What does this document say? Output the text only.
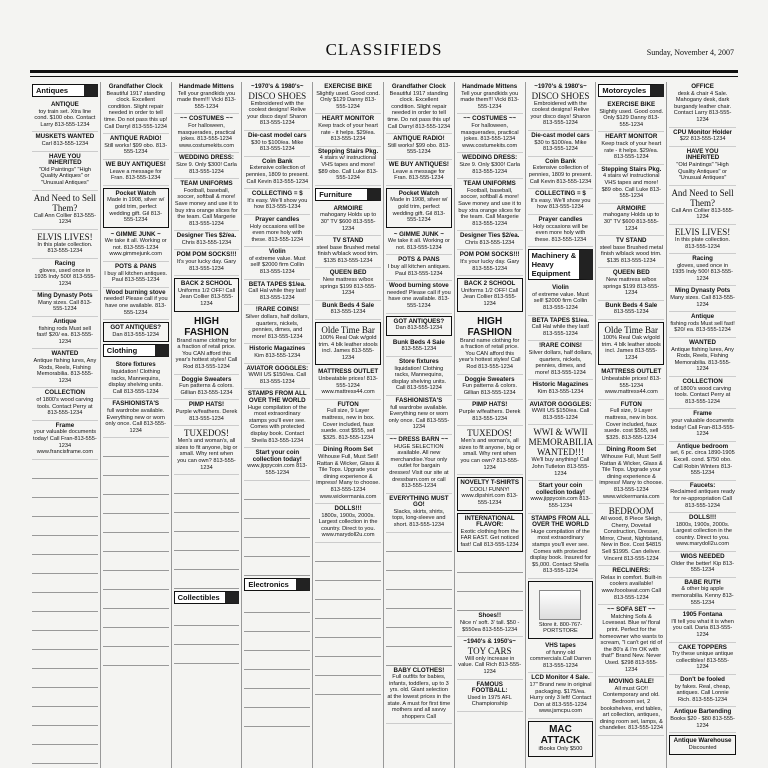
CLASSIFIEDS	Sunday, November 4, 2007
Antiques
ANTIQUE
toy train set. Xtra line cond. $100 obo. Contact Larry 813-555-1234
MUSKETS WANTED
Carl 813-555-1234
HAVE YOU INHERITED
"Old Paintings" "High Quality Antiques" or "Unusual Antiques"
And Need to Sell Them?
Call Ann Collier 813-555-1234
ELVIS LIVES!
In this plate collection. 813-555-1234
Racing
gloves, used once in 1935 Indy 500! 813-555-1234
Ming Dynasty Pots
Many sizes. Call 813-555-1234
Antique
fishing rods Must sell fast! $20/ ea. 813-555-1234
WANTED
Antique fishing lures, Any Rods, Reels, Fishing Memorabilia. 813-555-1234
COLLECTION
of 1800's wood carving tools. Contact Perry at 813-555-1234
Frame
your valuable documents today! Call Fran-813-555-1234 www.francisframe.com
Grandfather Clock
Beautiful 1917 standing clock. Excellent condition. Slight repair needed in order to tell time. Do not pass this up! Call Darryl 813-555-1234
ANTIQUE RADIO!
Still works! $99 obo. 813-555-1234
WE BUY ANTIQUES!
Leave a message for Fran. 813-555-1234
Pocket Watch
Made in 1908, silver w/ gold trim, perfect wedding gift. Gil 813-555-1234
~ GIMME JUNK ~
We take it all. Working or not. 813-555-1234 www.gimmejunk.com
POTS & PANS
I buy all kitchen antiques. Paul 813-555-1234
Wood burning stove
needed! Please call if you have one available. 813-555-1234
GOT ANTIQUES?
Dan 813-555-1234
Clothing
Store fixtures
liquidation! Clothing racks, Mannequins, display shelving units. Call 813-555-1234
FASHIONISTA'S
full wardrobe available. Everything new or worn only once. Call 813-555-1234
Handmade Mittens
Tell your grandkids you made them!!! Vicki 813-555-1234
~~ COSTUMES ~~
For halloween, masquerades, practical jokes. 813-555-1234 www.costumekits.com
WEDDING DRESS:
Size 9. Only $300! Carla 813-555-1234
TEAM UNIFORMS
Football, baseball, soccer, softball & more! Save money and use it to buy xtra orange slices for the team. Call Margerie 813-555-1234
Designer Ties $2/ea.
Chris 813-555-1234
POM POM SOCKS!!!
It's your lucky day. Gary 813-555-1234
BACK 2 SCHOOL
Uniforms 1/2 OFF! Call Jean Collier 813-555-1234
HIGH FASHION
Brand name clothing for a fraction of retail price. You CAN afford this year's hottest styles! Call Rod 813-555-1234
Doggie Sweaters
Fun patterns & colors. Gillian 813-555-1234
PIMP HATS!
Purple w/feathers. Derek 813-555-1234
TUXEDOS!
Men's and woman's, all sizes to fit anyone, big or small. Why rent when you can own? 813-555-1234
Collectibles
~1970's & 1980's~
DISCO SHOES
Embroidered with the coolest designs! Relive your disco days! Sharon 813-555-1234
Die-cast model cars
$30 to $100/ea. Mike 813-555-1234
Coin Bank
Extensive collection of pennies, 1809 to present. Call Kevin 813-555-1234
COLLECTING = $
It's easy. We'll show you how 813-555-1234
Prayer candles
Holy occasions will be even more holy with these. 813-555-1234
Violin
of extreme value. Must sell! $2000 firm Collin 813-555-1234
BETA TAPES $1/ea.
Call Hal while they last! 813-555-1234
!RARE COINS!
Silver dollars, half dollars, quarters, nickels, pennies, dimes, and more! 813-555-1234
Historic Magazines
Kim 813-555-1234
AVIATOR GOGGLES:
WWII US $150/ea. Call 813-555-1234
STAMPS FROM ALL OVER THE WORLD
Huge compilation of the most extraordinary stamps you'll ever see. Comes with protected display book. Contact Sheila 813-555-1234
Start your coin collection today!
www.jippycoin.com 813-555-1234
Electronics
EXERCISE BIKE
Slightly used. Good cond. Only $129 Danny 813-555-1234
HEART MONITOR
Keep track of your heart rate - it helps. $29/ea. 813-555-1234
Stepping Stairs Pkg.
4 stairs w/ instructional VHS tapes and more! $89 obo. Call Luke 813-555-1234
Furniture
ARMOIRE
mahogany Holds up to 30" TV $600 813-555-1234
TV STAND
steel base Brushed metal finish w/black wood trim. $135 813-555-1234
QUEEN BED
New mattress w/box springs $199 813-555-1234
Bunk Beds 4 Sale
813-555-1234
Olde Time Bar
100% Real Oak w/gold trim. 4 blk leather stools incl. James 813-555-1234
MATTRESS OUTLET
Unbeatable prices! 813-555-1234 www.mattress44.com
FUTON
Full size, 9 Layer mattress, new in box. Cover included, faux suede. cost $555, sell $325. 813-555-1234
Dining Room Set
Wihouse Full, Must Sell! Rattan & Wicker, Glass & Tile Tops. Upgrade your dining experience & impress! Many to choose. 813-555-1234 www.wickermania.com
DOLLS!!!
1800s, 1900s, 2000s. Largest collection in the country. Direct to you. www.marydoll2u.com
Grandfather Clock
Beautiful 1917 standing clock. Excellent condition. Slight repair needed in order to tell time. Do not pass this up! Call Darryl 813-555-1234
ANTIQUE RADIO!
Still works! $99 obo. 813-555-1234
WE BUY ANTIQUES!
Leave a message for Fran. 813-555-1234
Pocket Watch
Made in 1908, silver w/ gold trim, perfect wedding gift. Gil 813-555-1234
~ GIMME JUNK ~
We take it all. Working or not. 813-555-1234
POTS & PANS
I buy all kitchen antiques. Paul 813-555-1234
Wood burning stove
needed! Please call if you have one available. 813-555-1234
GOT ANTIQUES?
Dan 813-555-1234
Bunk Beds 4 Sale
813-555-1234
Store fixtures
liquidation! Clothing racks, Mannequins, display shelving units. Call 813-555-1234
FASHIONISTA'S
full wardrobe available. Everything new or worn only once. Call 813-555-1234
~~ DRESS BARN ~~
HUGE SELECTION available. All new merchandise.Your only outlet for bargain dresses! Visit our site at dressbarn.com or call 813-555-1234
EVERYTHING MUST GO!
Slacks, skirts, shirts, tops, long-sleeve and short. 813-555-1234
BABY CLOTHES!
Full outfits for babies, infants, toddlers, up to 3 yrs. old. Giant selection at the lowest prices in the state. A must for first time mothers and all savvy shoppers Call
Handmade Mittens
Tell your grandkids you made them!!! Vicki 813-555-1234
~~ COSTUMES ~~
For halloween, masquerades, practical jokes. 813-555-1234 www.costumekits.com
WEDDING DRESS:
Size 9. Only $300! Carla 813-555-1234
TEAM UNIFORMS
Football, baseball, soccer, softball & more! Save money and use it to buy xtra orange slices for the team. Call Margerie 813-555-1234
Designer Ties $2/ea.
Chris 813-555-1234
POM POM SOCKS!!!
It's your lucky day. Gary 813-555-1234
BACK 2 SCHOOL
Uniforms 1/2 OFF! Call Jean Collier 813-555-1234
HIGH FASHION
Brand name clothing for a fraction of retail price. You CAN afford this year's hottest styles! Call Rod 813-555-1234
Doggie Sweaters
Fun patterns & colors. Gillian 813-555-1234
PIMP HATS!
Purple w/feathers. Derek 813-555-1234
TUXEDOS!
Men's and woman's, all sizes to fit anyone, big or small. Why rent when you can own? 813-555-1234
NOVELTY T-SHIRTS
COOL! FUNNY! www.dipshirt.com 813-555-1234
INTERNATIONAL FLAVOR:
Exotic clothing from the FAR EAST. Get noticed fast! Call 813-555-1234
Shoes!!
Nice n' soft. 3' tall. $50 - $550ea 813-555-1234
~1940's & 1950's~
TOY CARS
Will only increase in value. Call Rich 813-555-1234
FAMOUS FOOTBALL:
Used in 1975 AFL Championship
~1970's & 1980's~
DISCO SHOES
Embroidered with the coolest designs! Relive your disco days! Sharon 813-555-1234
Die-cast model cars
$30 to $100/ea. Mike 813-555-1234
Coin Bank
Extensive collection of pennies, 1809 to present. Call Kevin 813-555-1234
COLLECTING = $
It's easy. We'll show you how 813-555-1234
Prayer candles
Holy occasions will be even more holy with these. 813-555-1234
Machinery & Heavy Equipment
Violin
of extreme value. Must sell! $2000 firm Collin 813-555-1234
BETA TAPES $1/ea.
Call Hal while they last! 813-555-1234
!RARE COINS!
Silver dollars, half dollars, quarters, nickels, pennies, dimes, and more! 813-555-1234
Historic Magazines
Kim 813-555-1234
AVIATOR GOGGLES:
WWII US $150/ea. Call 813-555-1234
WWI & WWII MEMORABILIA WANTED!!!
We'll buy anything! Call John Tutleton 813-555-1234
Start your coin collection today!
www.jippycoin.com 813-555-1234
STAMPS FROM ALL OVER THE WORLD
Huge compilation of the most extraordinary stamps you'll ever see. Comes with protected display book. Insured for $5,000. Contact Sheila 813-555-1234
Store it. 800-767-PORTSTORE
VHS tapes
of funny old commercials.Call Darren 813-555-1234
LCD Monitor 4 Sale.
17" Brand new in original packaging. $175/ea. Hurry only 3 left! Contact Don at 813-555-1234 www.jsmcpu.com
MAC ATTACK
iBooks Only $500
Motorcycles
EXERCISE BIKE
Slightly used. Good cond. Only $129 Danny 813-555-1234
HEART MONITOR
Keep track of your heart rate - it helps. $29/ea. 813-555-1234
Stepping Stairs Pkg.
4 stairs w/ instructional VHS tapes and more! $89 obo. Call Luke 813-555-1234
ARMOIRE
mahogany Holds up to 30" TV $600 813-555-1234
TV STAND
steel base Brushed metal finish w/black wood trim. $135 813-555-1234
QUEEN BED
New mattress w/box springs $199 813-555-1234
Bunk Beds 4 Sale
813-555-1234
Olde Time Bar
100% Real Oak w/gold trim. 4 blk leather stools incl. James 813-555-1234
MATTRESS OUTLET
Unbeatable prices! 813-555-1234 www.mattress44.com
FUTON
Full size, 9 Layer mattress, new in box. Cover included, faux suede. cost $555, sell $325. 813-555-1234
Dining Room Set
Wihouse Full, Must Sell! Rattan & Wicker, Glass & Tile Tops. Upgrade your dining experience & impress! Many to choose. 813-555-1234 www.wickermania.com
BEDROOM
All wood, 8 Piece Sleigh, Cherry, Dovetail Construction, Dresser, Mirror, Chest, Nightstand, New in Box. Cost $4815 Sell $1995. Can deliver. Vincent 813-555-1234
RECLINERS:
Relax in comfort. Built-in coolers available! www.fooolseat.com Call 813-555-1234
~~ SOFA SET ~~
Matching Sofa & Loveseat. Blue w/ floral print. Perfect for the homeowner who wants to scream, "I can't get rid of the 80's & I'm OK with that!" Brand New. Never Used. $298 813-555-1234
MOVING SALE!
All must GO!! Contemporary and old. Bedroom set, 2 bookshelves, end tables, art collection, antiques, dining room set, lamps, & chandelier. 813-555-1234
OFFICE
desk & chair 4 Sale. Mahogany desk, dark burgandy leather chair. Contact Larry 813-555-1234
CPU Monitor Holder
$22 813-555-1234
HAVE YOU INHERITED
"Old Paintings" "High Quality Antiques" or "Unusual Antiques"
And Need to Sell Them?
Call Ann Collier 813-555-1234
ELVIS LIVES!
In this plate collection. 813-555-1234
Racing
gloves, used once in 1935 Indy 500! 813-555-1234
Ming Dynasty Pots
Many sizes. Call 813-555-1234
Antique
fishing rods Must sell fast! $20/ ea. 813-555-1234
WANTED
Antique fishing lures, Any Rods, Reels, Fishing Memorabilia. 813-555-1234
COLLECTION
of 1800's wood carving tools. Contact Perry at 813-555-1234
Frame
your valuable documents today! Call Fran-813-555-1234
Antique bedroom
set, 6 pc. circa 1890-1905 Excell. cond. $750 obo. Call Robin Winters 813-555-1234
Faucets:
Reclaimed antiques ready for re-appropriation Call 813-555-1234
DOLLS!!!
1800s, 1900s, 2000s. Largest collection in the country. Direct to you. www.marydoll2u.com
WIGS NEEDED
Older the better! Kip 813-555-1234
BABE RUTH
& other big apple memorabilia. Kenny 813-555-1234
1905 Fontana
I'll tell you what it is when you call. Daria 813-555-1234
CAKE TOPPERS
Try these unique antique collectibles! 813-555-1234
Don't be fooled
by fakes. Real, cheap, antiques. Call Lonnie Rich. 813-555-1234
Antique Bartending
Books $20 - $80 813-555-1234
Antique Warehouse
Discounted
